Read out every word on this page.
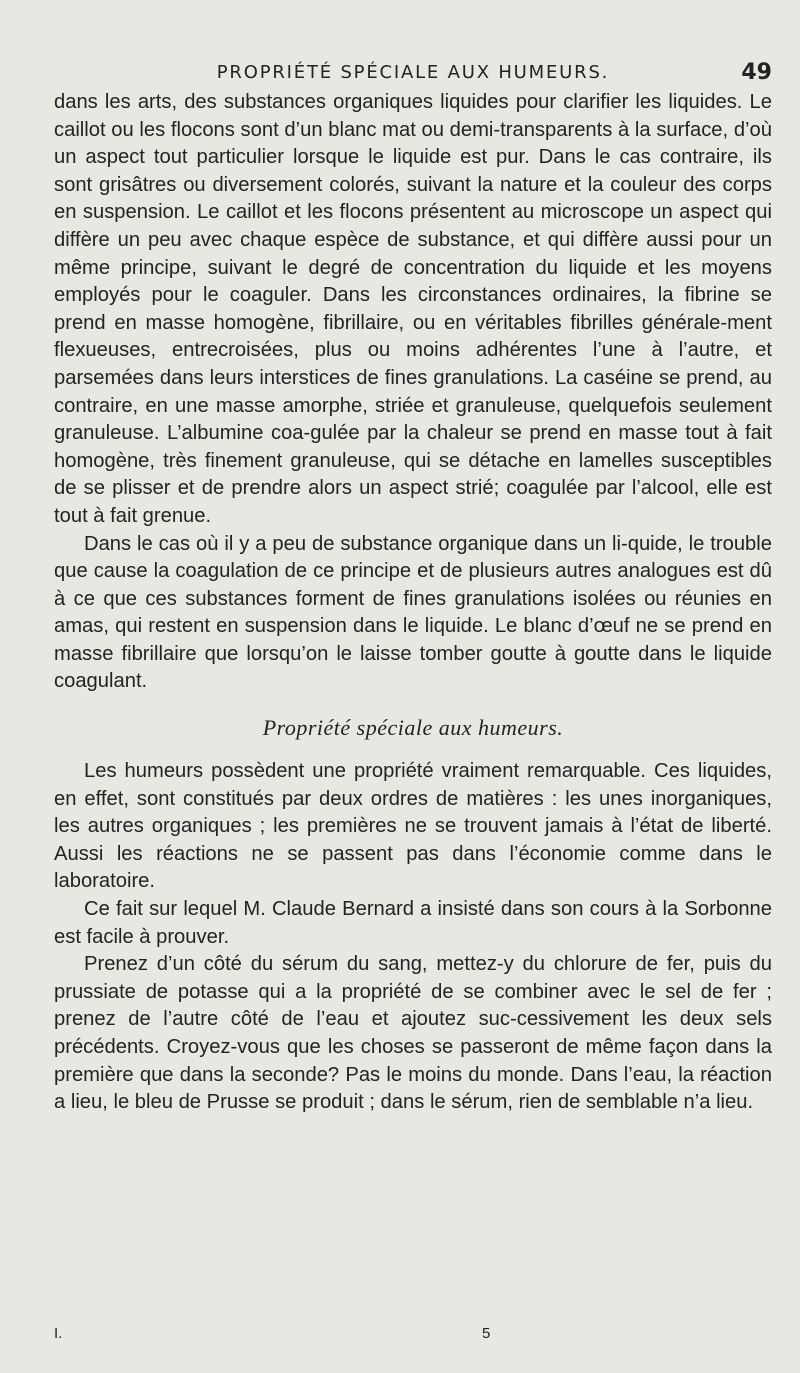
PROPRIÉTÉ SPÉCIALE AUX HUMEURS.	49

dans les arts, des substances organiques liquides pour clarifier les liquides. Le caillot ou les flocons sont d’un blanc mat ou demi-transparents à la surface, d’où un aspect tout particulier lorsque le liquide est pur. Dans le cas contraire, ils sont grisâtres ou diversement colorés, suivant la nature et la couleur des corps en suspension. Le caillot et les flocons présentent au microscope un aspect qui diffère un peu avec chaque espèce de substance, et qui diffère aussi pour un même principe, suivant le degré de concentration du liquide et les moyens employés pour le coaguler. Dans les circonstances ordinaires, la fibrine se prend en masse homogène, fibrillaire, ou en véritables fibrilles générale-ment flexueuses, entrecroisées, plus ou moins adhérentes l’une à l’autre, et parsemées dans leurs interstices de fines granulations. La caséine se prend, au contraire, en une masse amorphe, striée et granuleuse, quelquefois seulement granuleuse. L’albumine coa-gulée par la chaleur se prend en masse tout à fait homogène, très finement granuleuse, qui se détache en lamelles susceptibles de se plisser et de prendre alors un aspect strié; coagulée par l’alcool, elle est tout à fait grenue.

Dans le cas où il y a peu de substance organique dans un li-quide, le trouble que cause la coagulation de ce principe et de plusieurs autres analogues est dû à ce que ces substances forment de fines granulations isolées ou réunies en amas, qui restent en suspension dans le liquide. Le blanc d’œuf ne se prend en masse fibrillaire que lorsqu’on le laisse tomber goutte à goutte dans le liquide coagulant.

Propriété spéciale aux humeurs.

Les humeurs possèdent une propriété vraiment remarquable. Ces liquides, en effet, sont constitués par deux ordres de matières : les unes inorganiques, les autres organiques ; les premières ne se trouvent jamais à l’état de liberté. Aussi les réactions ne se passent pas dans l’économie comme dans le laboratoire.

Ce fait sur lequel M. Claude Bernard a insisté dans son cours à la Sorbonne est facile à prouver.

Prenez d’un côté du sérum du sang, mettez-y du chlorure de fer, puis du prussiate de potasse qui a la propriété de se combiner avec le sel de fer ; prenez de l’autre côté de l’eau et ajoutez suc-cessivement les deux sels précédents. Croyez-vous que les choses se passeront de même façon dans la première que dans la seconde? Pas le moins du monde. Dans l’eau, la réaction a lieu, le bleu de Prusse se produit ; dans le sérum, rien de semblable n’a lieu.

I.	5
